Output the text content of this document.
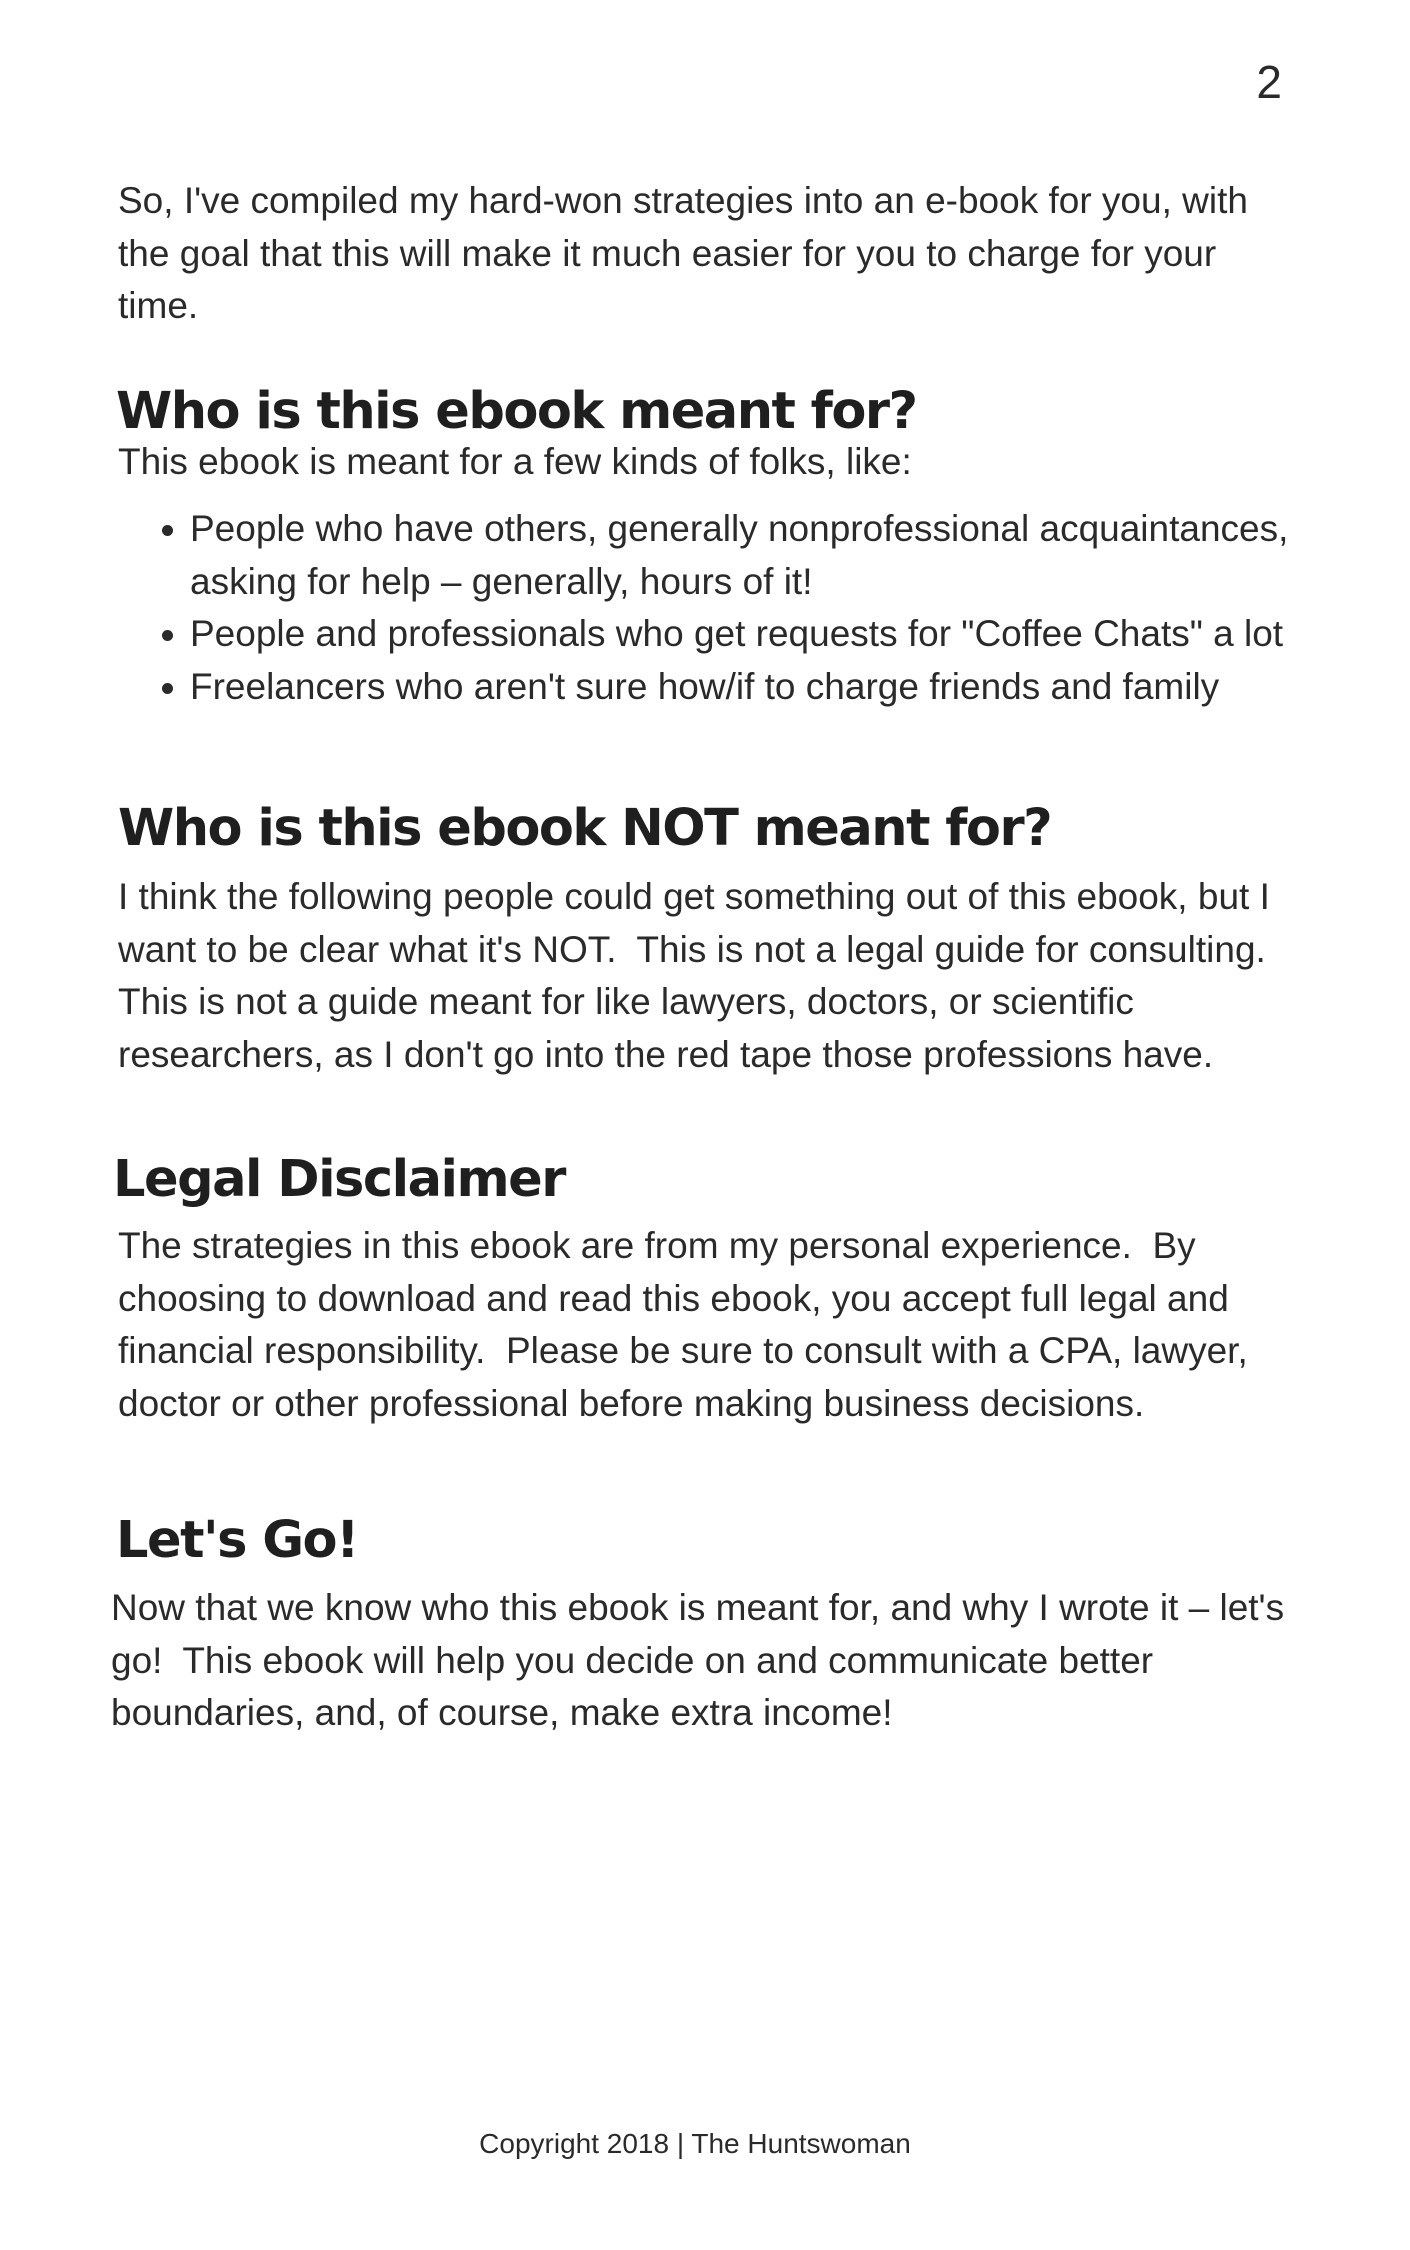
2

So, I've compiled my hard-won strategies into an e-book for you, with the goal that this will make it much easier for you to charge for your time.

Who is this ebook meant for?

This ebook is meant for a few kinds of folks, like:

People who have others, generally nonprofessional acquaintances, asking for help – generally, hours of it!
People and professionals who get requests for "Coffee Chats" a lot
Freelancers who aren't sure how/if to charge friends and family
Who is this ebook NOT meant for?

I think the following people could get something out of this ebook, but I want to be clear what it's NOT.  This is not a legal guide for consulting. This is not a guide meant for like lawyers, doctors, or scientific researchers, as I don't go into the red tape those professions have.

Legal Disclaimer

The strategies in this ebook are from my personal experience.  By choosing to download and read this ebook, you accept full legal and financial responsibility.  Please be sure to consult with a CPA, lawyer, doctor or other professional before making business decisions.

Let's Go!

Now that we know who this ebook is meant for, and why I wrote it – let's go!  This ebook will help you decide on and communicate better boundaries, and, of course, make extra income!

Copyright 2018 | The Huntswoman
